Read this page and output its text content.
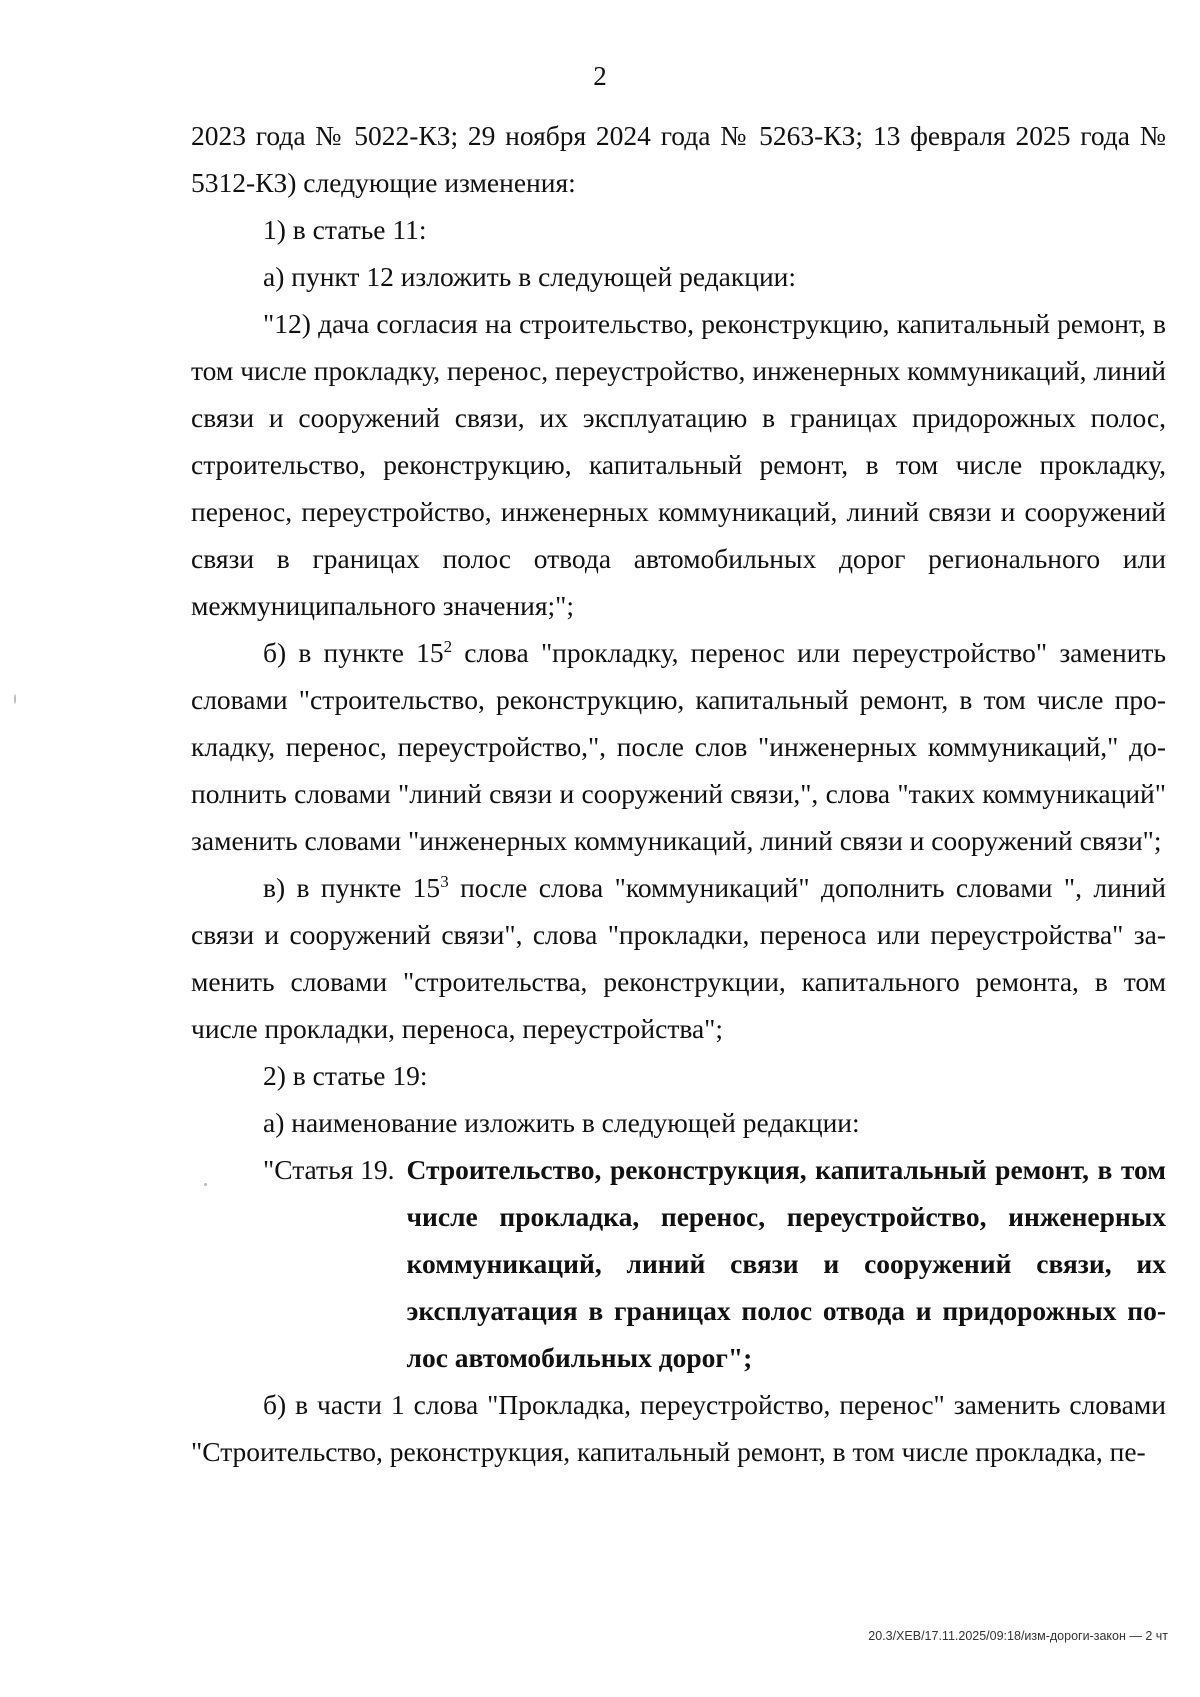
2

2023 года № 5022-КЗ; 29 ноября 2024 года № 5263-КЗ; 13 февраля 2025 года № 5312-КЗ) следующие изменения:

1) в статье 11:

а) пункт 12 изложить в следующей редакции:

"12) дача согласия на строительство, реконструкцию, капитальный ремонт, в том числе прокладку, перенос, переустройство, инженерных коммуникаций, линий связи и сооружений связи, их эксплуатацию в границах придорожных полос, строительство, реконструкцию, капитальный ремонт, в том числе прокладку, перенос, переустройство, инженерных коммуникаций, линий связи и сооружений связи в границах полос отвода автомобильных дорог регионального или межмуниципального значения;";

б) в пункте $15^2$ слова "прокладку, перенос или переустройство" заменить словами "строительство, реконструкцию, капитальный ремонт, в том числе прокладку, перенос, переустройство,", после слов "инженерных коммуникаций," дополнить словами "линий связи и сооружений связи,", слова "таких коммуникаций" заменить словами "инженерных коммуникаций, линий связи и сооружений связи";

в) в пункте $15^3$ после слова "коммуникаций" дополнить словами ", линий связи и сооружений связи", слова "прокладки, переноса или переустройства" заменить словами "строительства, реконструкции, капитального ремонта, в том числе прокладки, переноса, переустройства";

2) в статье 19:

а) наименование изложить в следующей редакции:

"Статья 19. Строительство, реконструкция, капитальный ремонт, в том числе прокладка, перенос, переустройство, инженерных коммуникаций, линий связи и сооружений связи, их эксплуатация в границах полос отвода и придорожных полос автомобильных дорог";

б) в части 1 слова "Прокладка, переустройство, перенос" заменить словами "Строительство, реконструкция, капитальный ремонт, в том числе прокладка, пе-

20.3/ХЕВ/17.11.2025/09:18/изм-дороги-закон — 2 чт
